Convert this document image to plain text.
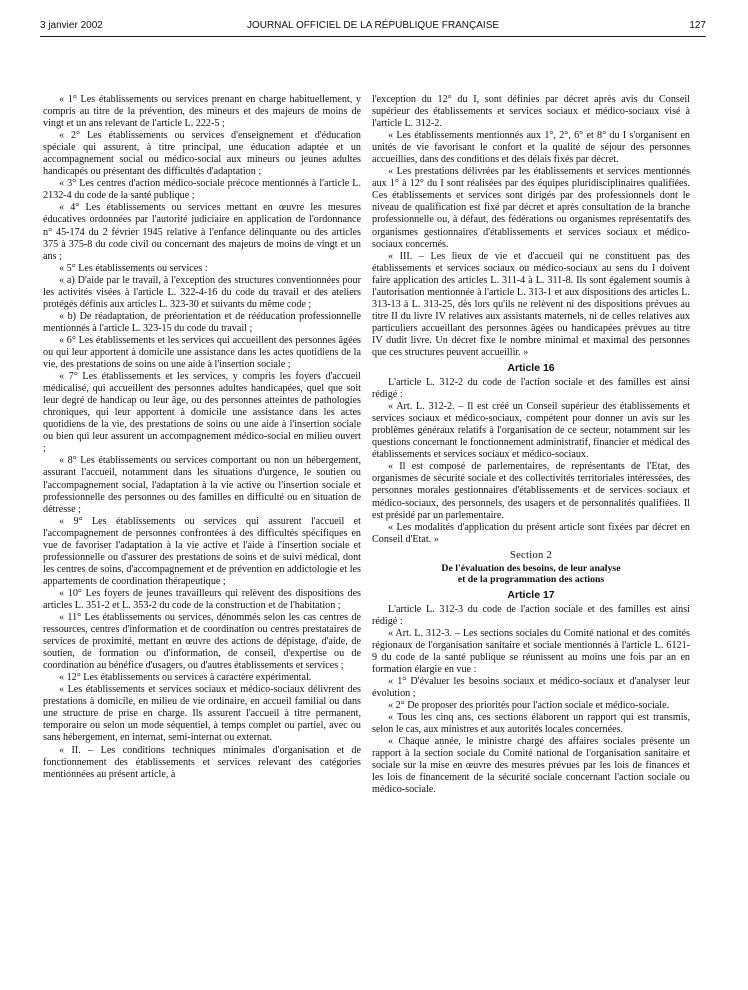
3 janvier 2002	JOURNAL OFFICIEL DE LA RÉPUBLIQUE FRANÇAISE	127

« 1° Les établissements ou services prenant en charge habituellement, y compris au titre de la prévention, des mineurs et des majeurs de moins de vingt et un ans relevant de l'article L. 222-5 ;

« 2° Les établissements ou services d'enseignement et d'éducation spéciale qui assurent, à titre principal, une éducation adaptée et un accompagnement social ou médico-social aux mineurs ou jeunes adultes handicapés ou présentant des difficultés d'adaptation ;

« 3° Les centres d'action médico-sociale précoce mentionnés à l'article L. 2132-4 du code de la santé publique ;

« 4° Les établissements ou services mettant en œuvre les mesures éducatives ordonnées par l'autorité judiciaire en application de l'ordonnance n° 45-174 du 2 février 1945 relative à l'enfance délinquante ou des articles 375 à 375-8 du code civil ou concernant des majeurs de moins de vingt et un ans ;

« 5° Les établissements ou services :

« a) D'aide par le travail, à l'exception des structures conventionnées pour les activités visées à l'article L. 322-4-16 du code du travail et des ateliers protégés définis aux articles L. 323-30 et suivants du même code ;

« b) De réadaptation, de préorientation et de rééducation professionnelle mentionnés à l'article L. 323-15 du code du travail ;

« 6° Les établissements et les services qui accueillent des personnes âgées ou qui leur apportent à domicile une assistance dans les actes quotidiens de la vie, des prestations de soins ou une aide à l'insertion sociale ;

« 7° Les établissements et les services, y compris les foyers d'accueil médicalisé, qui accueillent des personnes adultes handicapées, quel que soit leur degré de handicap ou leur âge, ou des personnes atteintes de pathologies chroniques, qui leur apportent à domicile une assistance dans les actes quotidiens de la vie, des prestations de soins ou une aide à l'insertion sociale ou bien qui leur assurent un accompagnement médico-social en milieu ouvert ;

« 8° Les établissements ou services comportant ou non un hébergement, assurant l'accueil, notamment dans les situations d'urgence, le soutien ou l'accompagnement social, l'adaptation à la vie active ou l'insertion sociale et professionnelle des personnes ou des familles en difficulté ou en situation de détresse ;

« 9° Les établissements ou services qui assurent l'accueil et l'accompagnement de personnes confrontées à des difficultés spécifiques en vue de favoriser l'adaptation à la vie active et l'aide à l'insertion sociale et professionnelle ou d'assurer des prestations de soins et de suivi médical, dont les centres de soins, d'accompagnement et de prévention en addictologie et les appartements de coordination thérapeutique ;

« 10° Les foyers de jeunes travailleurs qui relèvent des dispositions des articles L. 351-2 et L. 353-2 du code de la construction et de l'habitation ;

« 11° Les établissements ou services, dénommés selon les cas centres de ressources, centres d'information et de coordination ou centres prestataires de services de proximité, mettant en œuvre des actions de dépistage, d'aide, de soutien, de formation ou d'information, de conseil, d'expertise ou de coordination au bénéfice d'usagers, ou d'autres établissements et services ;

« 12° Les établissements ou services à caractère expérimental.

« Les établissements et services sociaux et médico-sociaux délivrent des prestations à domicile, en milieu de vie ordinaire, en accueil familial ou dans une structure de prise en charge. Ils assurent l'accueil à titre permanent, temporaire ou selon un mode séquentiel, à temps complet ou partiel, avec ou sans hébergement, en internat, semi-internat ou externat.

« II. – Les conditions techniques minimales d'organisation et de fonctionnement des établissements et services relevant des catégories mentionnées au présent article, à

l'exception du 12° du I, sont définies par décret après avis du Conseil supérieur des établissements et services sociaux et médico-sociaux visé à l'article L. 312-2.

« Les établissements mentionnés aux 1°, 2°, 6° et 8° du I s'organisent en unités de vie favorisant le confort et la qualité de séjour des personnes accueillies, dans des conditions et des délais fixés par décret.

« Les prestations délivrées par les établissements et services mentionnés aux 1° à 12° du I sont réalisées par des équipes pluridisciplinaires qualifiées. Ces établissements et services sont dirigés par des professionnels dont le niveau de qualification est fixé par décret et après consultation de la branche professionnelle ou, à défaut, des fédérations ou organismes représentatifs des organismes gestionnaires d'établissements et services sociaux et médico-sociaux concernés.

« III. – Les lieux de vie et d'accueil qui ne constituent pas des établissements et services sociaux ou médico-sociaux au sens du I doivent faire application des articles L. 311-4 à L. 311-8. Ils sont également soumis à l'autorisation mentionnée à l'article L. 313-1 et aux dispositions des articles L. 313-13 à L. 313-25, dès lors qu'ils ne relèvent ni des dispositions prévues au titre II du livre IV relatives aux assistants maternels, ni de celles relatives aux particuliers accueillant des personnes âgées ou handicapées prévues au titre IV dudit livre. Un décret fixe le nombre minimal et maximal des personnes que ces structures peuvent accueillir. »

Article 16

L'article L. 312-2 du code de l'action sociale et des familles est ainsi rédigé :

« Art. L. 312-2. – Il est créé un Conseil supérieur des établissements et services sociaux et médico-sociaux, compétent pour donner un avis sur les problèmes généraux relatifs à l'organisation de ce secteur, notamment sur les questions concernant le fonctionnement administratif, financier et médical des établissements et services sociaux et médico-sociaux.

« Il est composé de parlementaires, de représentants de l'Etat, des organismes de sécurité sociale et des collectivités territoriales intéressées, des personnes morales gestionnaires d'établissements et de services sociaux et médico-sociaux, des personnels, des usagers et de personnalités qualifiées. Il est présidé par un parlementaire.

« Les modalités d'application du présent article sont fixées par décret en Conseil d'Etat. »

Section 2
De l'évaluation des besoins, de leur analyse
et de la programmation des actions
Article 17

L'article L. 312-3 du code de l'action sociale et des familles est ainsi rédigé :

« Art. L. 312-3. – Les sections sociales du Comité national et des comités régionaux de l'organisation sanitaire et sociale mentionnés à l'article L. 6121-9 du code de la santé publique se réunissent au moins une fois par an en formation élargie en vue :

« 1° D'évaluer les besoins sociaux et médico-sociaux et d'analyser leur évolution ;

« 2° De proposer des priorités pour l'action sociale et médico-sociale.

« Tous les cinq ans, ces sections élaborent un rapport qui est transmis, selon le cas, aux ministres et aux autorités locales concernées.

« Chaque année, le ministre chargé des affaires sociales présente un rapport à la section sociale du Comité national de l'organisation sanitaire et sociale sur la mise en œuvre des mesures prévues par les lois de finances et les lois de financement de la sécurité sociale concernant l'action sociale ou médico-sociale.
